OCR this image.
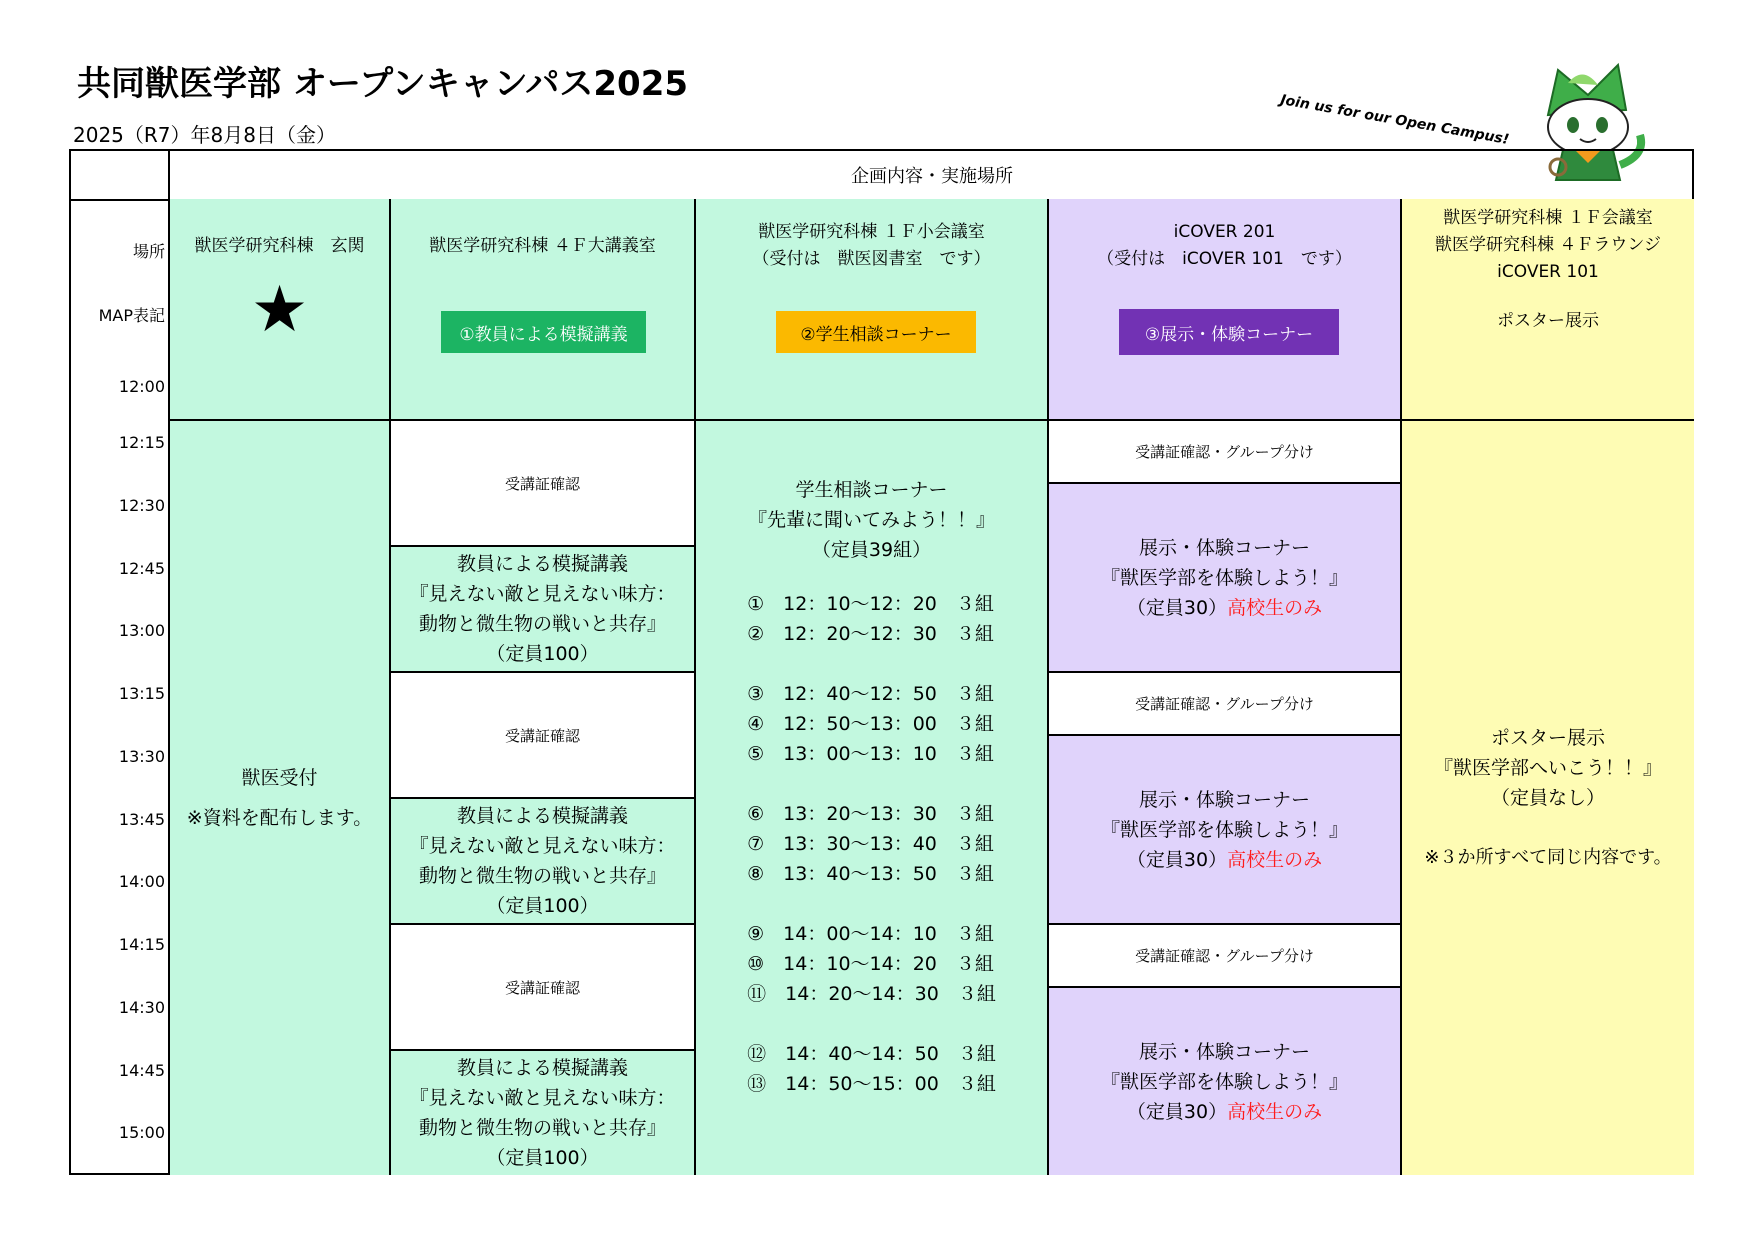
共同獣医学部 オープンキャンパス2025
2025（R7）年8月8日（金）	Join us for our Open Campus!
企画内容・実施場所
場所
MAP表記
12:00
12:15
12:30
12:45
13:00
13:15
13:30
13:45
14:00
14:15
14:30
14:45
15:00
獣医学研究科棟　玄関
★
獣医受付
※資料を配布します。
獣医学研究科棟 ４Ｆ大講義室
①教員による模擬講義
受講証確認
教員による模擬講義
『見えない敵と見えない味方：
動物と微生物の戦いと共存』
（定員100）
受講証確認
教員による模擬講義
『見えない敵と見えない味方：
動物と微生物の戦いと共存』
（定員100）
受講証確認
教員による模擬講義
『見えない敵と見えない味方：
動物と微生物の戦いと共存』
（定員100）
獣医学研究科棟 １Ｆ小会議室
（受付は　獣医図書室　です）
②学生相談コーナー
学生相談コーナー
『先輩に聞いてみよう！！』
（定員39組）
①　12：10〜12：20　３組
②　12：20〜12：30　３組
③　12：40〜12：50　３組
④　12：50〜13：00　３組
⑤　13：00〜13：10　３組
⑥　13：20〜13：30　３組
⑦　13：30〜13：40　３組
⑧　13：40〜13：50　３組
⑨　14：00〜14：10　３組
⑩　14：10〜14：20　３組
⑪　14：20〜14：30　３組
⑫　14：40〜14：50　３組
⑬　14：50〜15：00　３組
iCOVER 201
（受付は　iCOVER 101　です）
③展示・体験コーナー
受講証確認・グループ分け
展示・体験コーナー
『獣医学部を体験しよう！』
（定員30）高校生のみ
受講証確認・グループ分け
展示・体験コーナー
『獣医学部を体験しよう！』
（定員30）高校生のみ
受講証確認・グループ分け
展示・体験コーナー
『獣医学部を体験しよう！』
（定員30）高校生のみ
獣医学研究科棟 １Ｆ会議室
獣医学研究科棟 ４Ｆラウンジ
iCOVER 101
ポスター展示
ポスター展示
『獣医学部へいこう！！』
（定員なし）
※３か所すべて同じ内容です。
